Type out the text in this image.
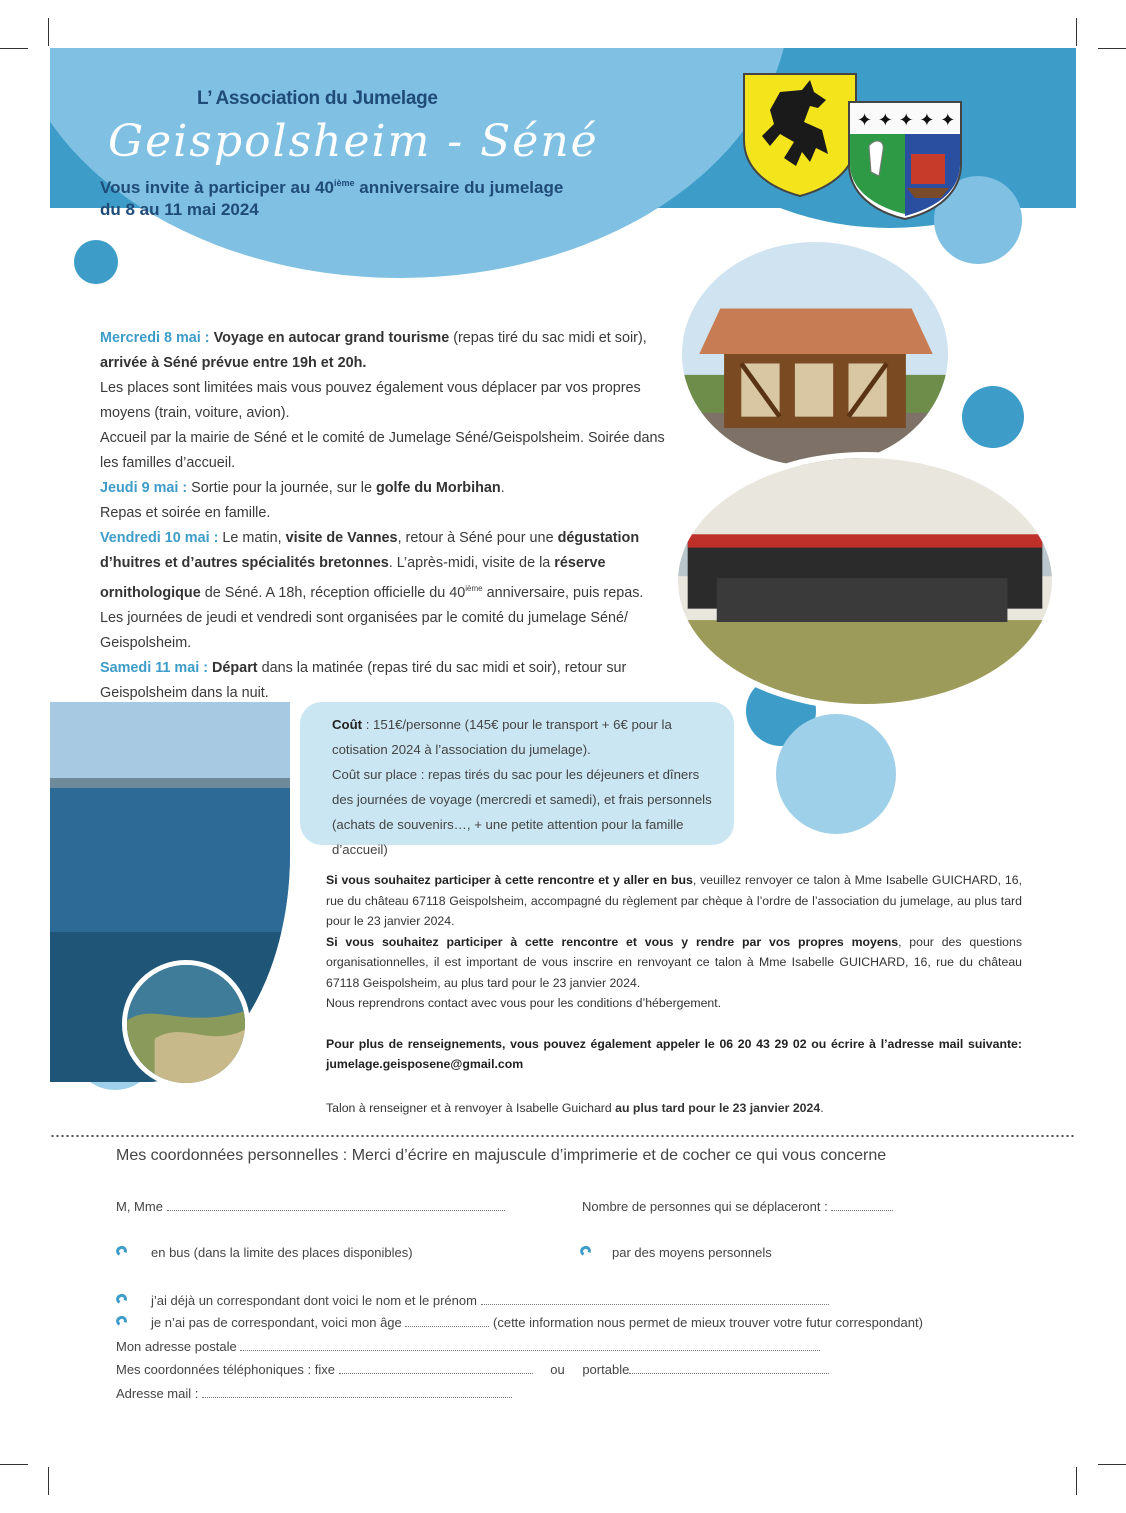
L’ Association du Jumelage
Geispolsheim - Séné
Vous invite à participer au 40ième anniversaire du jumelage
du 8 au 11 mai 2024
✦ ✦ ✦ ✦ ✦
Mercredi 8 mai : Voyage en autocar grand tourisme (repas tiré du sac midi et soir),
arrivée à Séné prévue entre 19h et 20h.
Les places sont limitées mais vous pouvez également vous déplacer par vos propres moyens (train, voiture, avion).
Accueil par la mairie de Séné et le comité de Jumelage Séné/Geispolsheim. Soirée dans les familles d’accueil.
Jeudi 9 mai : Sortie pour la journée, sur le golfe du Morbihan.
Repas et soirée en famille.
Vendredi 10 mai : Le matin, visite de Vannes, retour à Séné pour une dégustation d’huitres et d’autres spécialités bretonnes. L’après-midi, visite de la réserve ornithologique de Séné. A 18h, réception officielle du 40ième anniversaire, puis repas.
Les journées de jeudi et vendredi sont organisées par le comité du jumelage Séné/ Geispolsheim.
Samedi 11 mai : Départ dans la matinée (repas tiré du sac midi et soir), retour sur Geispolsheim dans la nuit.
Coût : 151€/personne (145€ pour le transport + 6€ pour la cotisation 2024 à l’association du jumelage).
Coût sur place : repas tirés du sac pour les déjeuners et dîners des journées de voyage (mercredi et samedi), et frais personnels (achats de souvenirs…, + une petite attention pour la famille d’accueil)

Si vous souhaitez participer à cette rencontre et y aller en bus, veuillez renvoyer ce talon à Mme Isabelle GUICHARD, 16, rue du château 67118 Geispolsheim, accompagné du règlement par chèque à l’ordre de l’association du jumelage, au plus tard pour le 23 janvier 2024.

Si vous souhaitez participer à cette rencontre et vous y rendre par vos propres moyens, pour des questions organisationnelles, il est important de vous inscrire en renvoyant ce talon à Mme Isabelle GUICHARD, 16, rue du château 67118 Geispolsheim, au plus tard pour le 23 janvier 2024.

Nous reprendrons contact avec vous pour les conditions d’hébergement.

Pour plus de renseignements, vous pouvez également appeler le 06 20 43 29 02 ou écrire à l’adresse mail suivante: jumelage.geisposene@gmail.com

Talon à renseigner et à renvoyer à Isabelle Guichard au plus tard pour le 23 janvier 2024.
Mes coordonnées personnelles : Merci d’écrire en majuscule d’imprimerie et de cocher ce qui vous concerne
M, Mme	Nombre de personnes qui se déplaceront :
en bus (dans la limite des places disponibles)	par des moyens personnels
j’ai déjà un correspondant dont voici le nom et le prénom
je n’ai pas de correspondant, voici mon âge	(cette information nous permet de mieux trouver votre futur correspondant)
Mon adresse postale
Mes coordonnées téléphoniques : fixe	ou portable
Adresse mail :
